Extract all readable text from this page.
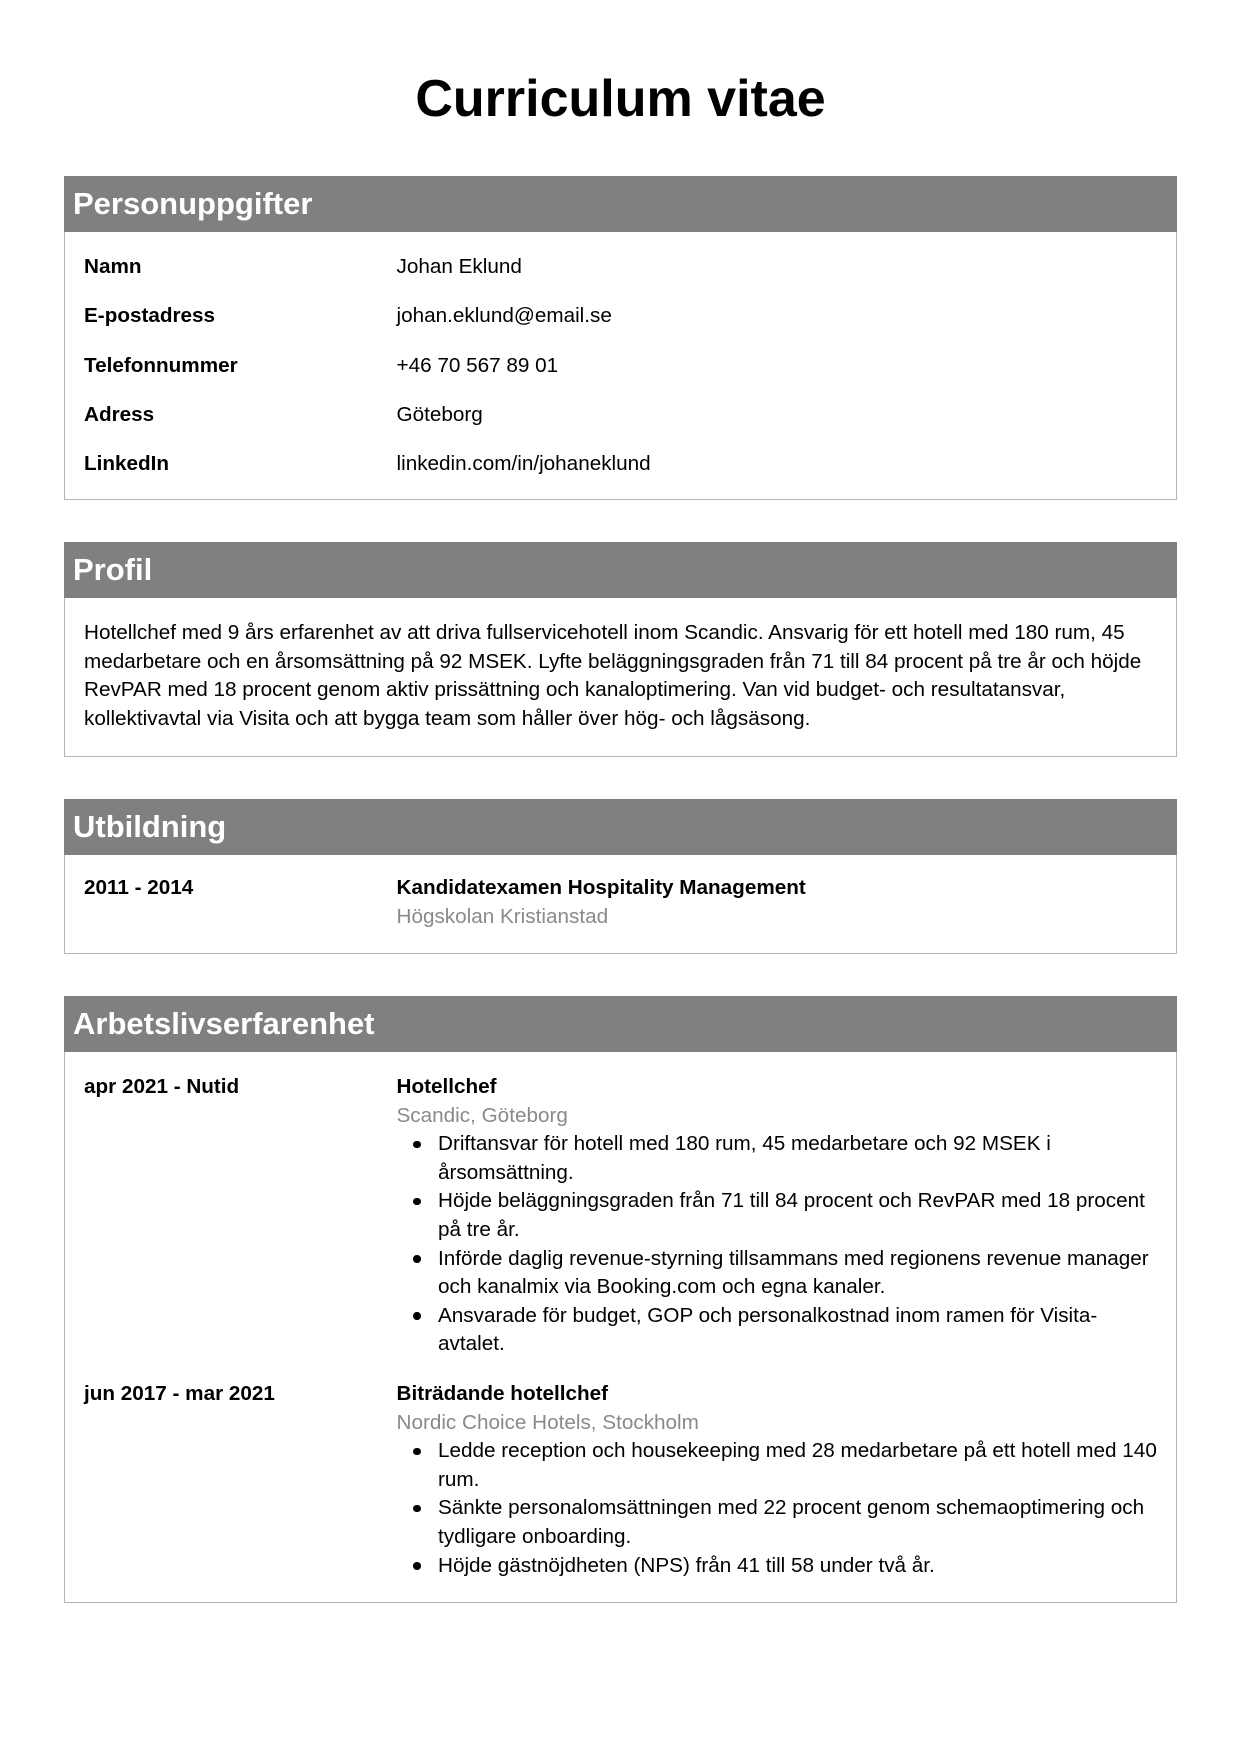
Curriculum vitae
Personuppgifter
Namn	Johan Eklund
E-postadress	johan.eklund@email.se
Telefonnummer	+46 70 567 89 01
Adress	Göteborg
LinkedIn	linkedin.com/in/johaneklund
Profil
Hotellchef med 9 års erfarenhet av att driva fullservicehotell inom Scandic. Ansvarig för ett hotell med 180 rum, 45 medarbetare och en årsomsättning på 92 MSEK. Lyfte beläggningsgraden från 71 till 84 procent på tre år och höjde RevPAR med 18 procent genom aktiv prissättning och kanaloptimering. Van vid budget- och resultatansvar, kollektivavtal via Visita och att bygga team som håller över hög- och lågsäsong.
Utbildning
2011 - 2014	Kandidatexamen Hospitality Management
Högskolan Kristianstad
Arbetslivserfarenhet
apr 2021 - Nutid	Hotellchef
Scandic, Göteborg
Driftansvar för hotell med 180 rum, 45 medarbetare och 92 MSEK i årsomsättning.
Höjde beläggningsgraden från 71 till 84 procent och RevPAR med 18 procent på tre år.
Införde daglig revenue-styrning tillsammans med regionens revenue manager och kanalmix via Booking.com och egna kanaler.
Ansvarade för budget, GOP och personalkostnad inom ramen för Visita-avtalet.
jun 2017 - mar 2021	Biträdande hotellchef
Nordic Choice Hotels, Stockholm
Ledde reception och housekeeping med 28 medarbetare på ett hotell med 140 rum.
Sänkte personalomsättningen med 22 procent genom schemaoptimering och tydligare onboarding.
Höjde gästnöjdheten (NPS) från 41 till 58 under två år.
